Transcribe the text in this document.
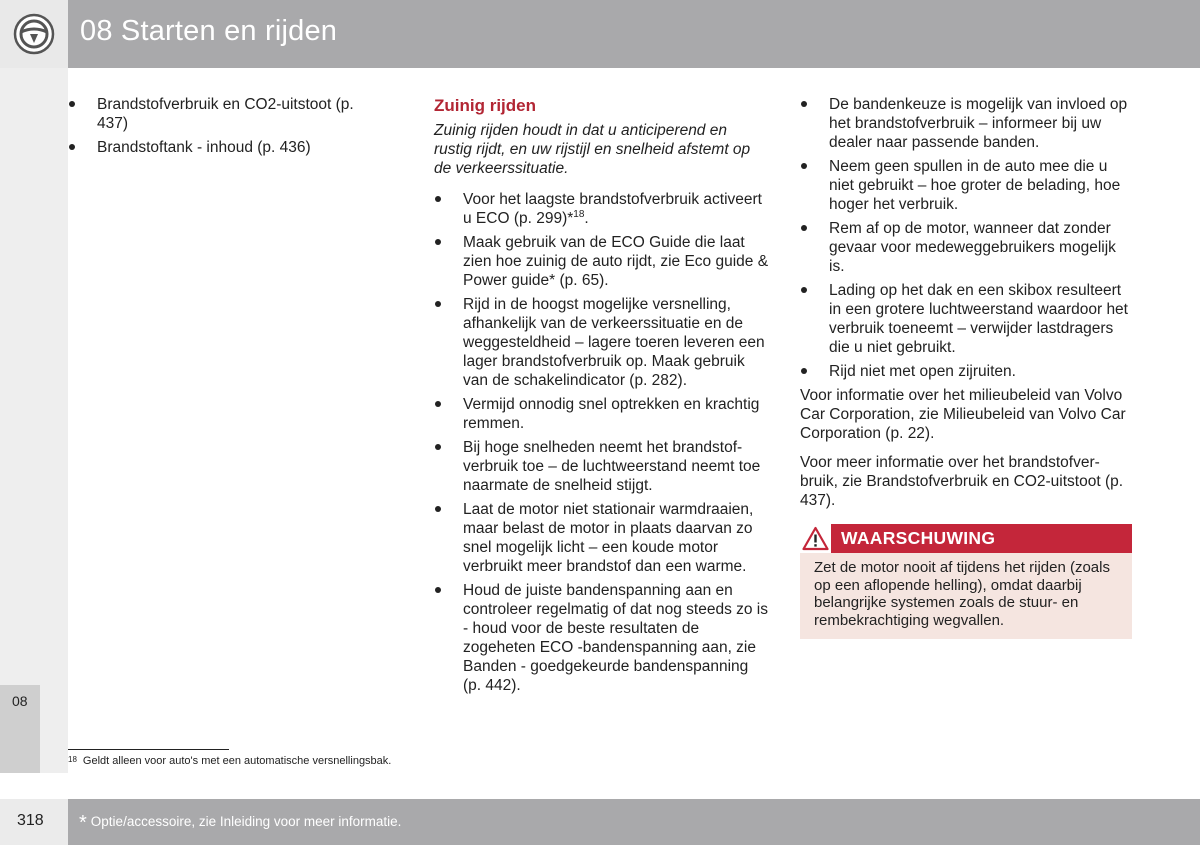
08 Starten en rijden
08
Brandstofverbruik en CO2-uitstoot (p. 437)
Brandstoftank - inhoud (p. 436)
Zuinig rijden

Zuinig rijden houdt in dat u anticiperend en rustig rijdt, en uw rijstijl en snelheid afstemt op de verkeerssituatie.

Voor het laagste brandstofverbruik activeert u ECO (p. 299)*$^{18}$.
Maak gebruik van de ECO Guide die laat zien hoe zuinig de auto rijdt, zie Eco guide & Power guide* (p. 65).
Rijd in de hoogst mogelijke versnelling, afhankelijk van de verkeerssituatie en de weggesteldheid – lagere toeren leveren een lager brandstofverbruik op. Maak gebruik van de schakelindicator (p. 282).
Vermijd onnodig snel optrekken en krachtig remmen.
Bij hoge snelheden neemt het brandstofverbruik toe – de luchtweerstand neemt toe naarmate de snelheid stijgt.
Laat de motor niet stationair warmdraaien, maar belast de motor in plaats daarvan zo snel mogelijk licht – een koude motor verbruikt meer brandstof dan een warme.
Houd de juiste bandenspanning aan en controleer regelmatig of dat nog steeds zo is - houd voor de beste resultaten de zogeheten ECO -bandenspanning aan, zie Banden - goedgekeurde bandenspanning (p. 442).
De bandenkeuze is mogelijk van invloed op het brandstofverbruik – informeer bij uw dealer naar passende banden.
Neem geen spullen in de auto mee die u niet gebruikt – hoe groter de belading, hoe hoger het verbruik.
Rem af op de motor, wanneer dat zonder gevaar voor medeweggebruikers mogelijk is.
Lading op het dak en een skibox resulteert in een grotere luchtweerstand waardoor het verbruik toeneemt – verwijder lastdragers die u niet gebruikt.
Rijd niet met open zijruiten.

Voor informatie over het milieubeleid van Volvo Car Corporation, zie Milieubeleid van Volvo Car Corporation (p. 22).

Voor meer informatie over het brandstofverbruik, zie Brandstofverbruik en CO2-uitstoot (p. 437).

WAARSCHUWING
Zet de motor nooit af tijdens het rijden (zoals op een aflopende helling), omdat daarbij belangrijke systemen zoals de stuur- en rembekrachtiging wegvallen.
$^{18}$ Geldt alleen voor auto's met een automatische versnellingsbak.
318 * Optie/accessoire, zie Inleiding voor meer informatie.
